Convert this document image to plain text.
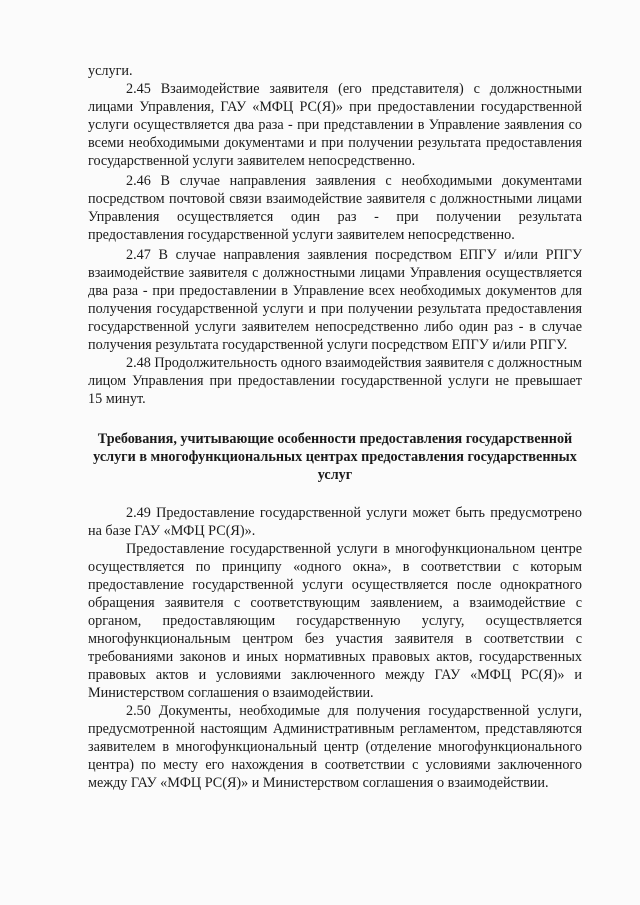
услуги.

2.45 Взаимодействие заявителя (его представителя) с должностными лицами Управления, ГАУ «МФЦ РС(Я)» при предоставлении государственной услуги осуществляется два раза - при представлении в Управление заявления со всеми необходимыми документами и при получении результата предоставления государственной услуги заявителем непосредственно.

2.46 В случае направления заявления с необходимыми документами посредством почтовой связи взаимодействие заявителя с должностными лицами Управления осуществляется один раз - при получении результата предоставления государственной услуги заявителем непосредственно.

2.47 В случае направления заявления посредством ЕПГУ и/или РПГУ взаимодействие заявителя с должностными лицами Управления осуществляется два раза - при предоставлении в Управление всех необходимых документов для получения государственной услуги и при получении результата предоставления государственной услуги заявителем непосредственно либо один раз - в случае получения результата государственной услуги посредством ЕПГУ и/или РПГУ.

2.48 Продолжительность одного взаимодействия заявителя с должностным лицом Управления при предоставлении государственной услуги не превышает 15 минут.

Требования, учитывающие особенности предоставления государственной услуги в многофункциональных центрах предоставления государственных услуг

2.49 Предоставление государственной услуги может быть предусмотрено на базе ГАУ «МФЦ РС(Я)».

Предоставление государственной услуги в многофункциональном центре осуществляется по принципу «одного окна», в соответствии с которым предоставление государственной услуги осуществляется после однократного обращения заявителя с соответствующим заявлением, а взаимодействие с органом, предоставляющим государственную услугу, осуществляется многофункциональным центром без участия заявителя в соответствии с требованиями законов и иных нормативных правовых актов, государственных правовых актов и условиями заключенного между ГАУ «МФЦ РС(Я)» и Министерством соглашения о взаимодействии.

2.50 Документы, необходимые для получения государственной услуги, предусмотренной настоящим Административным регламентом, представляются заявителем в многофункциональный центр (отделение многофункционального центра) по месту его нахождения в соответствии с условиями заключенного между ГАУ «МФЦ РС(Я)» и Министерством соглашения о взаимодействии.
